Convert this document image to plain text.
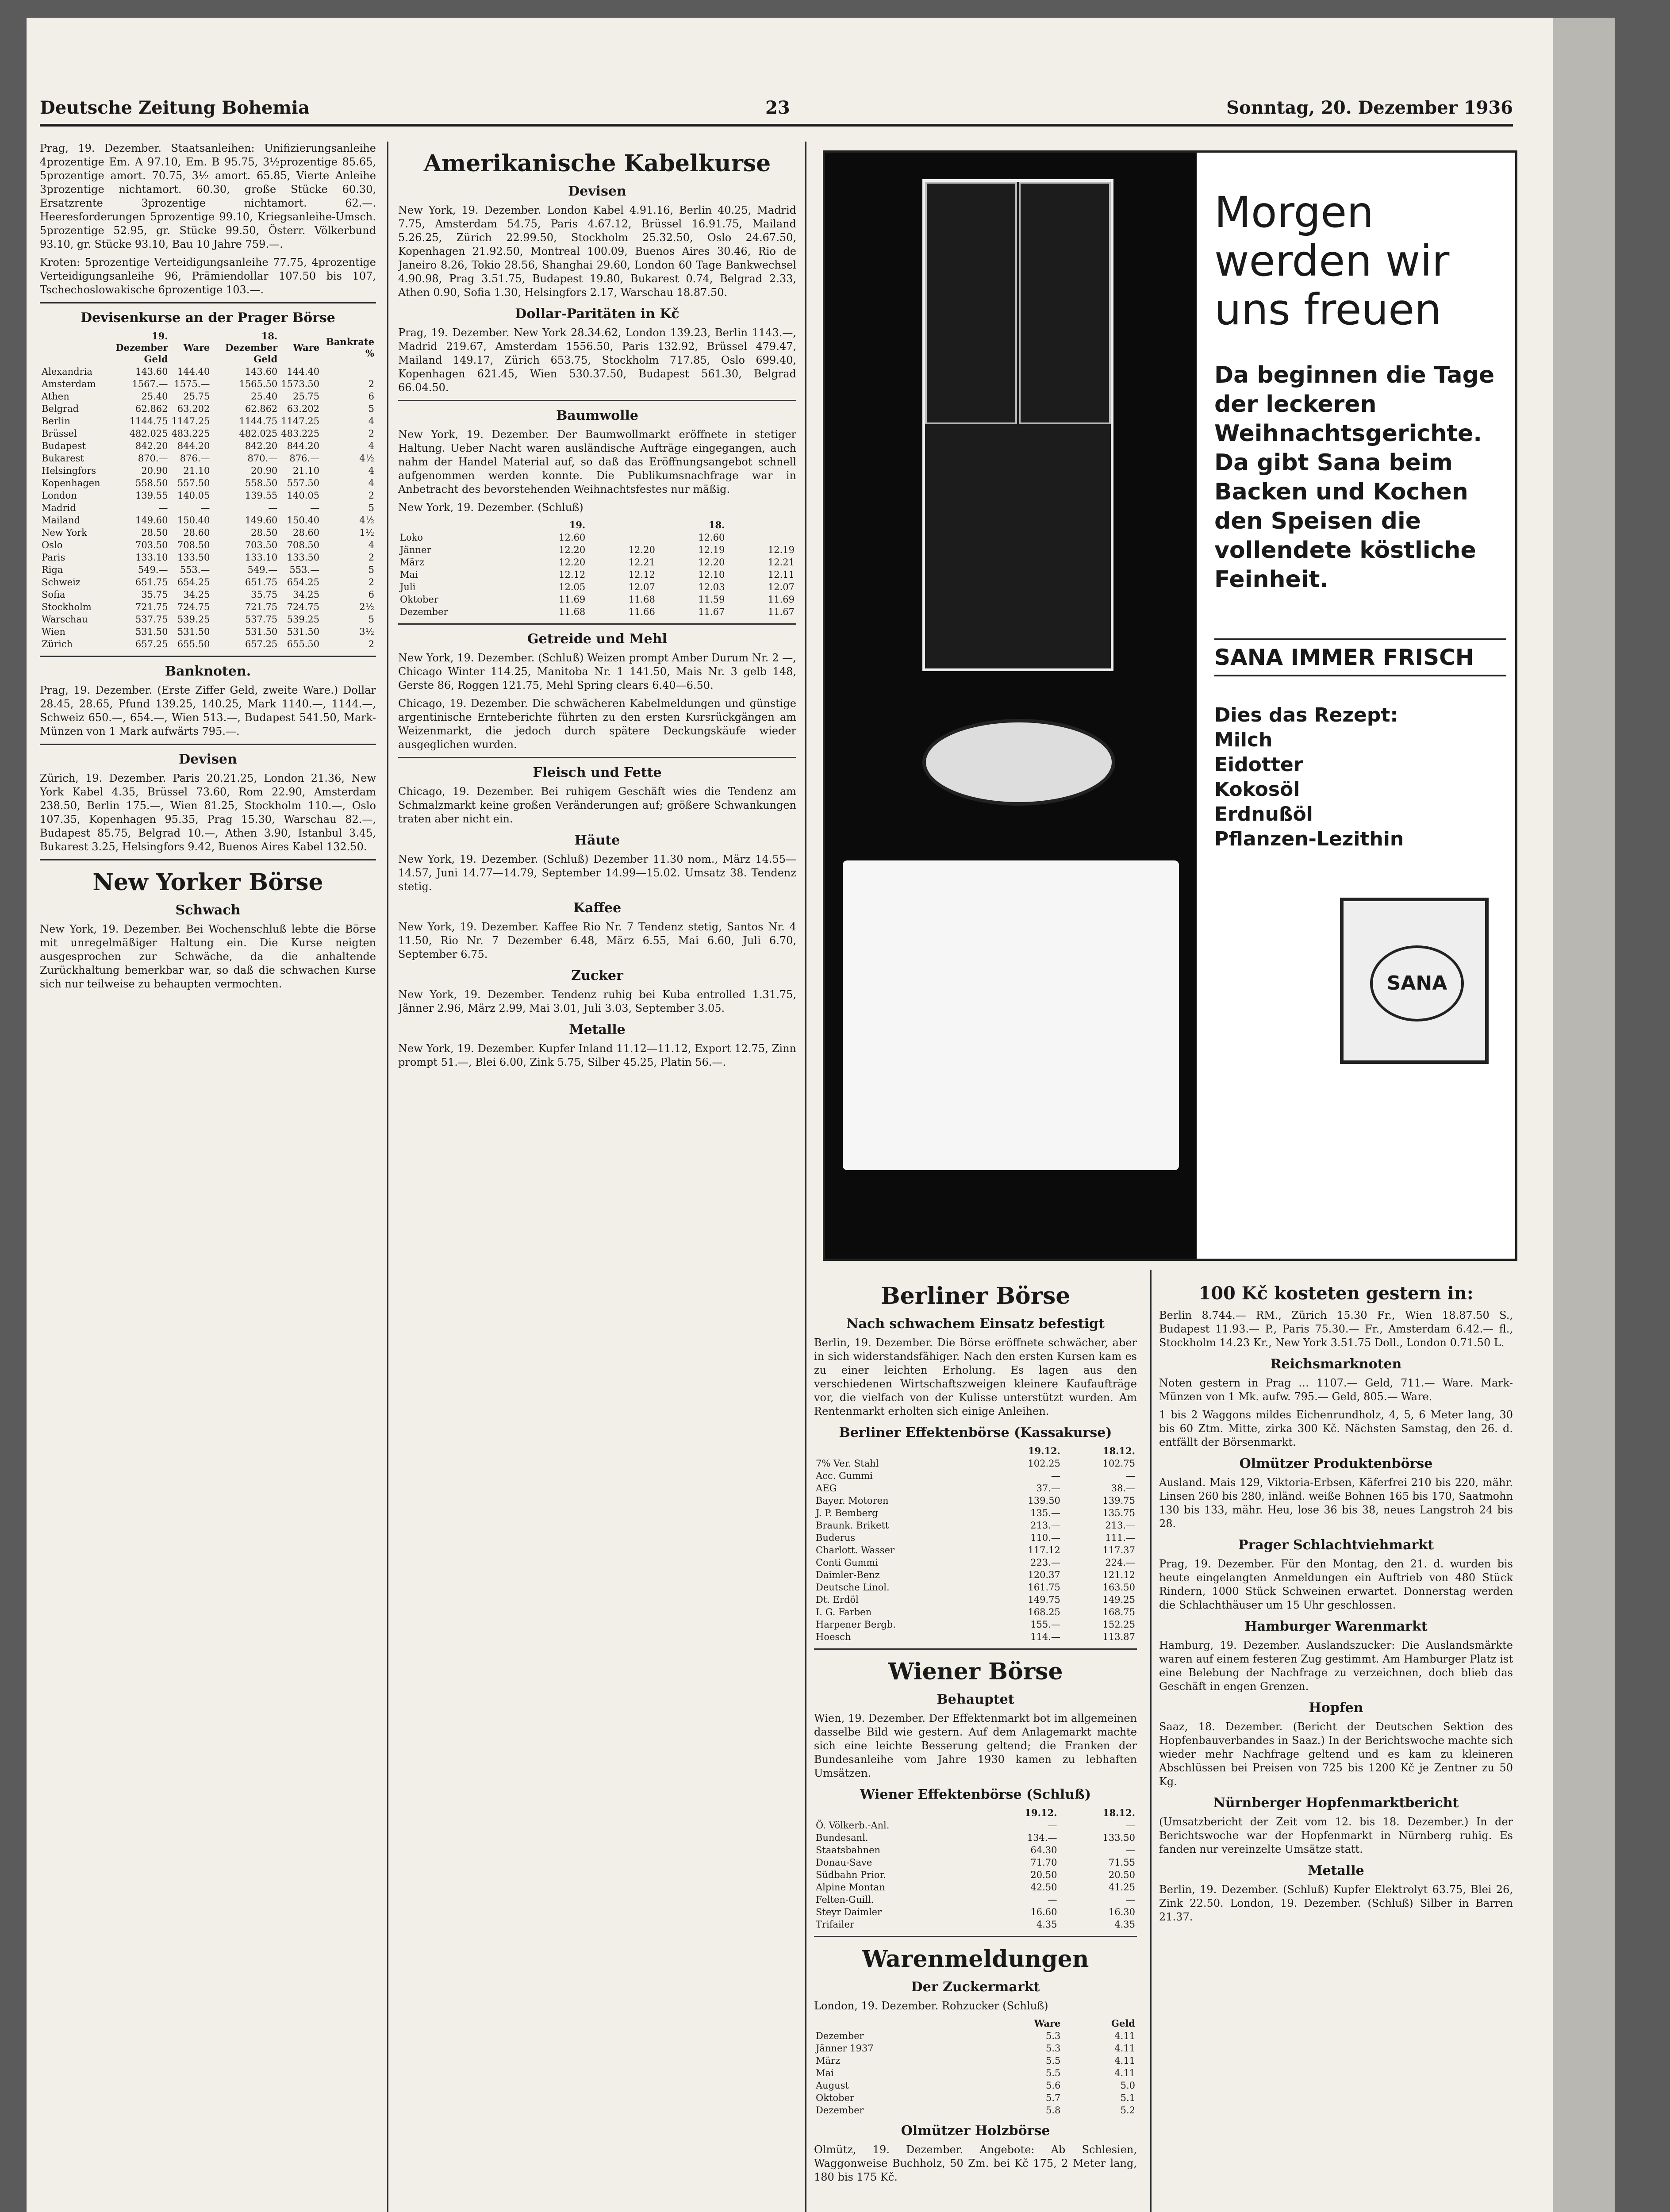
Deutsche Zeitung Bohemia	23	Sonntag, 20. Dezember 1936

Prag, 19. Dezember. Staatsanleihen: Unifizierungsanleihe 4prozentige Em. A 97.10, Em. B 95.75, 3½prozentige 85.65, 5prozentige amort. 70.75, 3½ amort. 65.85, Vierte Anleihe 3prozentige nichtamort. 60.30, große Stücke 60.30, Ersatzrente 3prozentige nichtamort. 62.—. Heeresforderungen 5prozentige 99.10, Kriegsanleihe-Umsch. 5prozentige 52.95, gr. Stücke 99.50, Österr. Völkerbund 93.10, gr. Stücke 93.10, Bau 10 Jahre 759.—.

Kroten: 5prozentige Verteidigungsanleihe 77.75, 4prozentige Verteidigungsanleihe 96, Prämiendollar 107.50 bis 107, Tschechoslowakische 6prozentige 103.—.

Devisenkurse an der Prager Börse
	19. Dezember Geld	Ware	18. Dezember Geld	Ware	Bankrate %
Alexandria	143.60	144.40	143.60	144.40	
Amsterdam	1567.—	1575.—	1565.50	1573.50	2
Athen	25.40	25.75	25.40	25.75	6
Belgrad	62.862	63.202	62.862	63.202	5
Berlin	1144.75	1147.25	1144.75	1147.25	4
Brüssel	482.025	483.225	482.025	483.225	2
Budapest	842.20	844.20	842.20	844.20	4
Bukarest	870.—	876.—	870.—	876.—	4½
Helsingfors	20.90	21.10	20.90	21.10	4
Kopenhagen	558.50	557.50	558.50	557.50	4
London	139.55	140.05	139.55	140.05	2
Madrid	—	—	—	—	5
Mailand	149.60	150.40	149.60	150.40	4½
New York	28.50	28.60	28.50	28.60	1½
Oslo	703.50	708.50	703.50	708.50	4
Paris	133.10	133.50	133.10	133.50	2
Riga	549.—	553.—	549.—	553.—	5
Schweiz	651.75	654.25	651.75	654.25	2
Sofia	35.75	34.25	35.75	34.25	6
Stockholm	721.75	724.75	721.75	724.75	2½
Warschau	537.75	539.25	537.75	539.25	5
Wien	531.50	531.50	531.50	531.50	3½
Zürich	657.25	655.50	657.25	655.50	2
Banknoten.

Prag, 19. Dezember. (Erste Ziffer Geld, zweite Ware.) Dollar 28.45, 28.65, Pfund 139.25, 140.25, Mark 1140.—, 1144.—, Schweiz 650.—, 654.—, Wien 513.—, Budapest 541.50, Mark-Münzen von 1 Mark aufwärts 795.—.

Devisen

Zürich, 19. Dezember. Paris 20.21.25, London 21.36, New York Kabel 4.35, Brüssel 73.60, Rom 22.90, Amsterdam 238.50, Berlin 175.—, Wien 81.25, Stockholm 110.—, Oslo 107.35, Kopenhagen 95.35, Prag 15.30, Warschau 82.—, Budapest 85.75, Belgrad 10.—, Athen 3.90, Istanbul 3.45, Bukarest 3.25, Helsingfors 9.42, Buenos Aires Kabel 132.50.

New Yorker Börse
Schwach

New York, 19. Dezember. Bei Wochenschluß lebte die Börse mit unregelmäßiger Haltung ein. Die Kurse neigten ausgesprochen zur Schwäche, da die anhaltende Zurückhaltung bemerkbar war, so daß die schwachen Kurse sich nur teilweise zu behaupten vermochten.

Amerikanische Kabelkurse
Devisen

New York, 19. Dezember. London Kabel 4.91.16, Berlin 40.25, Madrid 7.75, Amsterdam 54.75, Paris 4.67.12, Brüssel 16.91.75, Mailand 5.26.25, Zürich 22.99.50, Stockholm 25.32.50, Oslo 24.67.50, Kopenhagen 21.92.50, Montreal 100.09, Buenos Aires 30.46, Rio de Janeiro 8.26, Tokio 28.56, Shanghai 29.60, London 60 Tage Bankwechsel 4.90.98, Prag 3.51.75, Budapest 19.80, Bukarest 0.74, Belgrad 2.33, Athen 0.90, Sofia 1.30, Helsingfors 2.17, Warschau 18.87.50.

Dollar-Paritäten in Kč

Prag, 19. Dezember. New York 28.34.62, London 139.23, Berlin 1143.—, Madrid 219.67, Amsterdam 1556.50, Paris 132.92, Brüssel 479.47, Mailand 149.17, Zürich 653.75, Stockholm 717.85, Oslo 699.40, Kopenhagen 621.45, Wien 530.37.50, Budapest 561.30, Belgrad 66.04.50.

Baumwolle

New York, 19. Dezember. Der Baumwollmarkt eröffnete in stetiger Haltung. Ueber Nacht waren ausländische Aufträge eingegangen, auch nahm der Handel Material auf, so daß das Eröffnungsangebot schnell aufgenommen werden konnte. Die Publikumsnachfrage war in Anbetracht des bevorstehenden Weihnachtsfestes nur mäßig.

New York, 19. Dezember. (Schluß)

	19.		18.	
Loko	12.60		12.60	
Jänner	12.20	12.20	12.19	12.19
März	12.20	12.21	12.20	12.21
Mai	12.12	12.12	12.10	12.11
Juli	12.05	12.07	12.03	12.07
Oktober	11.69	11.68	11.59	11.69
Dezember	11.68	11.66	11.67	11.67
Getreide und Mehl

New York, 19. Dezember. (Schluß) Weizen prompt Amber Durum Nr. 2 —, Chicago Winter 114.25, Manitoba Nr. 1 141.50, Mais Nr. 3 gelb 148, Gerste 86, Roggen 121.75, Mehl Spring clears 6.40—6.50.

Chicago, 19. Dezember. Die schwächeren Kabelmeldungen und günstige argentinische Ernteberichte führten zu den ersten Kursrückgängen am Weizenmarkt, die jedoch durch spätere Deckungskäufe wieder ausgeglichen wurden.

Fleisch und Fette

Chicago, 19. Dezember. Bei ruhigem Geschäft wies die Tendenz am Schmalzmarkt keine großen Veränderungen auf; größere Schwankungen traten aber nicht ein.

Häute

New York, 19. Dezember. (Schluß) Dezember 11.30 nom., März 14.55—14.57, Juni 14.77—14.79, September 14.99—15.02. Umsatz 38. Tendenz stetig.

Kaffee

New York, 19. Dezember. Kaffee Rio Nr. 7 Tendenz stetig, Santos Nr. 4 11.50, Rio Nr. 7 Dezember 6.48, März 6.55, Mai 6.60, Juli 6.70, September 6.75.

Zucker

New York, 19. Dezember. Tendenz ruhig bei Kuba entrolled 1.31.75, Jänner 2.96, März 2.99, Mai 3.01, Juli 3.03, September 3.05.

Metalle

New York, 19. Dezember. Kupfer Inland 11.12—11.12, Export 12.75, Zinn prompt 51.—, Blei 6.00, Zink 5.75, Silber 45.25, Platin 56.—.

Morgen werden wir uns freuen
Da beginnen die Tage der leckeren Weihnachtsgerichte. Da gibt Sana beim Backen und Kochen den Speisen die vollendete köstliche Feinheit.
SANA IMMER FRISCH
Dies das Rezept:
Milch
Eidotter
Kokosöl
Erdnußöl
Pflanzen-Lezithin
SANA
Berliner Börse
Nach schwachem Einsatz befestigt

Berlin, 19. Dezember. Die Börse eröffnete schwächer, aber in sich widerstandsfähiger. Nach den ersten Kursen kam es zu einer leichten Erholung. Es lagen aus den verschiedenen Wirtschaftszweigen kleinere Kaufaufträge vor, die vielfach von der Kulisse unterstützt wurden. Am Rentenmarkt erholten sich einige Anleihen.

Berliner Effektenbörse (Kassakurse)
	19.12.	18.12.
7% Ver. Stahl	102.25	102.75
Acc. Gummi	—	—
AEG	37.—	38.—
Bayer. Motoren	139.50	139.75
J. P. Bemberg	135.—	135.75
Braunk. Brikett	213.—	213.—
Buderus	110.—	111.—
Charlott. Wasser	117.12	117.37
Conti Gummi	223.—	224.—
Daimler-Benz	120.37	121.12
Deutsche Linol.	161.75	163.50
Dt. Erdöl	149.75	149.25
I. G. Farben	168.25	168.75
Harpener Bergb.	155.—	152.25
Hoesch	114.—	113.87
Wiener Börse
Behauptet

Wien, 19. Dezember. Der Effektenmarkt bot im allgemeinen dasselbe Bild wie gestern. Auf dem Anlagemarkt machte sich eine leichte Besserung geltend; die Franken der Bundesanleihe vom Jahre 1930 kamen zu lebhaften Umsätzen.

Wiener Effektenbörse (Schluß)
	19.12.	18.12.
Ö. Völkerb.-Anl.	—	—
Bundesanl.	134.—	133.50
Staatsbahnen	64.30	—
Donau-Save	71.70	71.55
Südbahn Prior.	20.50	20.50
Alpine Montan	42.50	41.25
Felten-Guill.	—	—
Steyr Daimler	16.60	16.30
Trifailer	4.35	4.35
Warenmeldungen
Der Zuckermarkt

London, 19. Dezember. Rohzucker (Schluß)

	Ware	Geld
Dezember	5.3	4.11
Jänner 1937	5.3	4.11
März	5.5	4.11
Mai	5.5	4.11
August	5.6	5.0
Oktober	5.7	5.1
Dezember	5.8	5.2
Olmützer Holzbörse

Olmütz, 19. Dezember. Angebote: Ab Schlesien, Waggonweise Buchholz, 50 Zm. bei Kč 175, 2 Meter lang, 180 bis 175 Kč.

100 Kč kosteten gestern in:

Berlin 8.744.— RM., Zürich 15.30 Fr., Wien 18.87.50 S., Budapest 11.93.— P., Paris 75.30.— Fr., Amsterdam 6.42.— fl., Stockholm 14.23 Kr., New York 3.51.75 Doll., London 0.71.50 L.

Reichsmarknoten

Noten gestern in Prag … 1107.— Geld, 711.— Ware. Mark-Münzen von 1 Mk. aufw. 795.— Geld, 805.— Ware.

1 bis 2 Waggons mildes Eichenrundholz, 4, 5, 6 Meter lang, 30 bis 60 Ztm. Mitte, zirka 300 Kč. Nächsten Samstag, den 26. d. entfällt der Börsenmarkt.

Olmützer Produktenbörse

Ausland. Mais 129, Viktoria-Erbsen, Käferfrei 210 bis 220, mähr. Linsen 260 bis 280, inländ. weiße Bohnen 165 bis 170, Saatmohn 130 bis 133, mähr. Heu, lose 36 bis 38, neues Langstroh 24 bis 28.

Prager Schlachtviehmarkt

Prag, 19. Dezember. Für den Montag, den 21. d. wurden bis heute eingelangten Anmeldungen ein Auftrieb von 480 Stück Rindern, 1000 Stück Schweinen erwartet. Donnerstag werden die Schlachthäuser um 15 Uhr geschlossen.

Hamburger Warenmarkt

Hamburg, 19. Dezember. Auslandszucker: Die Auslandsmärkte waren auf einem festeren Zug gestimmt. Am Hamburger Platz ist eine Belebung der Nachfrage zu verzeichnen, doch blieb das Geschäft in engen Grenzen.

Hopfen

Saaz, 18. Dezember. (Bericht der Deutschen Sektion des Hopfenbauverbandes in Saaz.) In der Berichtswoche machte sich wieder mehr Nachfrage geltend und es kam zu kleineren Abschlüssen bei Preisen von 725 bis 1200 Kč je Zentner zu 50 Kg.

Nürnberger Hopfenmarktbericht

(Umsatzbericht der Zeit vom 12. bis 18. Dezember.) In der Berichtswoche war der Hopfenmarkt in Nürnberg ruhig. Es fanden nur vereinzelte Umsätze statt.

Metalle

Berlin, 19. Dezember. (Schluß) Kupfer Elektrolyt 63.75, Blei 26, Zink 22.50. London, 19. Dezember. (Schluß) Silber in Barren 21.37.
